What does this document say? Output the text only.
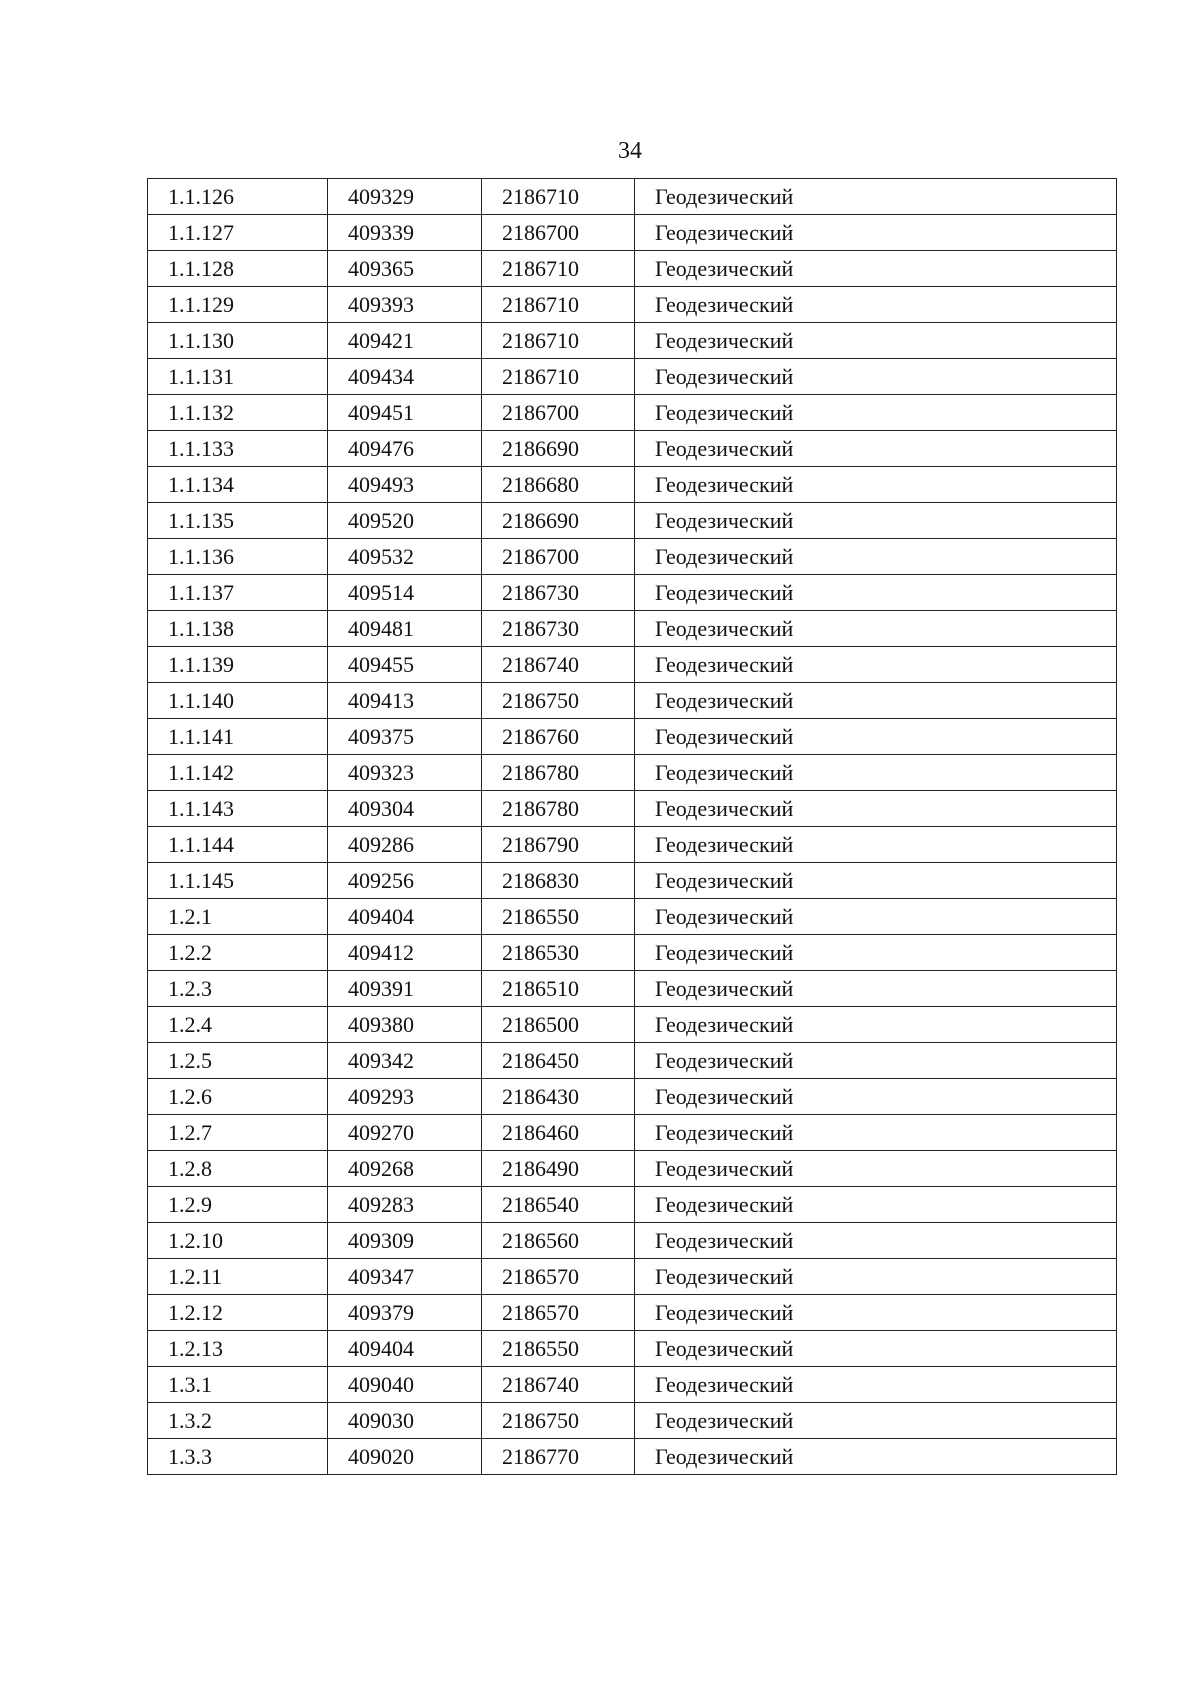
34
1.1.126	409329	2186710	Геодезический
1.1.127	409339	2186700	Геодезический
1.1.128	409365	2186710	Геодезический
1.1.129	409393	2186710	Геодезический
1.1.130	409421	2186710	Геодезический
1.1.131	409434	2186710	Геодезический
1.1.132	409451	2186700	Геодезический
1.1.133	409476	2186690	Геодезический
1.1.134	409493	2186680	Геодезический
1.1.135	409520	2186690	Геодезический
1.1.136	409532	2186700	Геодезический
1.1.137	409514	2186730	Геодезический
1.1.138	409481	2186730	Геодезический
1.1.139	409455	2186740	Геодезический
1.1.140	409413	2186750	Геодезический
1.1.141	409375	2186760	Геодезический
1.1.142	409323	2186780	Геодезический
1.1.143	409304	2186780	Геодезический
1.1.144	409286	2186790	Геодезический
1.1.145	409256	2186830	Геодезический
1.2.1	409404	2186550	Геодезический
1.2.2	409412	2186530	Геодезический
1.2.3	409391	2186510	Геодезический
1.2.4	409380	2186500	Геодезический
1.2.5	409342	2186450	Геодезический
1.2.6	409293	2186430	Геодезический
1.2.7	409270	2186460	Геодезический
1.2.8	409268	2186490	Геодезический
1.2.9	409283	2186540	Геодезический
1.2.10	409309	2186560	Геодезический
1.2.11	409347	2186570	Геодезический
1.2.12	409379	2186570	Геодезический
1.2.13	409404	2186550	Геодезический
1.3.1	409040	2186740	Геодезический
1.3.2	409030	2186750	Геодезический
1.3.3	409020	2186770	Геодезический
